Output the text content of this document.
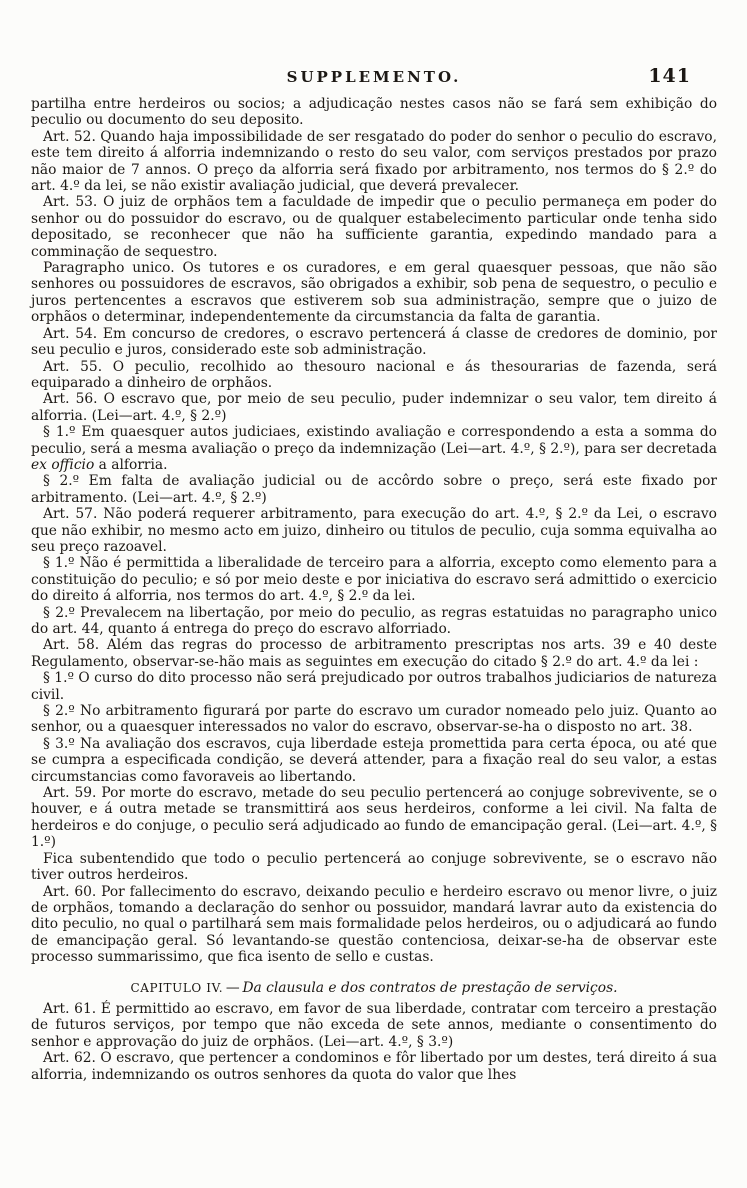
SUPPLEMENTO.	141

partilha entre herdeiros ou socios; a adjudicação nestes casos não se fará sem exhibição do peculio ou documento do seu deposito.

Art. 52. Quando haja impossibilidade de ser resgatado do poder do senhor o peculio do escravo, este tem direito á alforria indemnizando o resto do seu valor, com serviços prestados por prazo não maior de 7 annos. O preço da alforria será fixado por arbitramento, nos termos do § 2.º do art. 4.º da lei, se não existir avaliação judicial, que deverá prevalecer.

Art. 53. O juiz de orphãos tem a faculdade de impedir que o peculio permaneça em poder do senhor ou do possuidor do escravo, ou de qualquer estabelecimento particular onde tenha sido depositado, se reconhecer que não ha sufficiente garantia, expedindo mandado para a comminação de sequestro.

Paragrapho unico. Os tutores e os curadores, e em geral quaesquer pessoas, que não são senhores ou possuidores de escravos, são obrigados a exhibir, sob pena de sequestro, o peculio e juros pertencentes a escravos que estiverem sob sua administração, sempre que o juizo de orphãos o determinar, independentemente da circumstancia da falta de garantia.

Art. 54. Em concurso de credores, o escravo pertencerá á classe de credores de dominio, por seu peculio e juros, considerado este sob administração.

Art. 55. O peculio, recolhido ao thesouro nacional e ás thesourarias de fazenda, será equiparado a dinheiro de orphãos.

Art. 56. O escravo que, por meio de seu peculio, puder indemnizar o seu valor, tem direito á alforria. (Lei—art. 4.º, § 2.º)

§ 1.º Em quaesquer autos judiciaes, existindo avaliação e correspondendo a esta a somma do peculio, será a mesma avaliação o preço da indemnização (Lei—art. 4.º, § 2.º), para ser decretada ex officio a alforria.

§ 2.º Em falta de avaliação judicial ou de accôrdo sobre o preço, será este fixado por arbitramento. (Lei—art. 4.º, § 2.º)

Art. 57. Não poderá requerer arbitramento, para execução do art. 4.º, § 2.º da Lei, o escravo que não exhibir, no mesmo acto em juizo, dinheiro ou titulos de peculio, cuja somma equivalha ao seu preço razoavel.

§ 1.º Não é permittida a liberalidade de terceiro para a alforria, excepto como elemento para a constituição do peculio; e só por meio deste e por iniciativa do escravo será admittido o exercicio do direito á alforria, nos termos do art. 4.º, § 2.º da lei.

§ 2.º Prevalecem na libertação, por meio do peculio, as regras estatuidas no paragrapho unico do art. 44, quanto á entrega do preço do escravo alforriado.

Art. 58. Além das regras do processo de arbitramento prescriptas nos arts. 39 e 40 deste Regulamento, observar-se-hão mais as seguintes em execução do citado § 2.º do art. 4.º da lei :

§ 1.º O curso do dito processo não será prejudicado por outros trabalhos judiciarios de natureza civil.

§ 2.º No arbitramento figurará por parte do escravo um curador nomeado pelo juiz. Quanto ao senhor, ou a quaesquer interessados no valor do escravo, observar-se-ha o disposto no art. 38.

§ 3.º Na avaliação dos escravos, cuja liberdade esteja promettida para certa época, ou até que se cumpra a especificada condição, se deverá attender, para a fixação real do seu valor, a estas circumstancias como favoraveis ao libertando.

Art. 59. Por morte do escravo, metade do seu peculio pertencerá ao conjuge sobrevivente, se o houver, e á outra metade se transmittirá aos seus herdeiros, conforme a lei civil. Na falta de herdeiros e do conjuge, o peculio será adjudicado ao fundo de emancipação geral. (Lei—art. 4.º, § 1.º)

Fica subentendido que todo o peculio pertencerá ao conjuge sobrevivente, se o escravo não tiver outros herdeiros.

Art. 60. Por fallecimento do escravo, deixando peculio e herdeiro escravo ou menor livre, o juiz de orphãos, tomando a declaração do senhor ou possuidor, mandará lavrar auto da existencia do dito peculio, no qual o partilhará sem mais formalidade pelos herdeiros, ou o adjudicará ao fundo de emancipação geral. Só levantando-se questão contenciosa, deixar-se-ha de observar este processo summarissimo, que fica isento de sello e custas.

CAPITULO IV. — Da clausula e dos contratos de prestação de serviços.

Art. 61. É permittido ao escravo, em favor de sua liberdade, contratar com terceiro a prestação de futuros serviços, por tempo que não exceda de sete annos, mediante o consentimento do senhor e approvação do juiz de orphãos. (Lei—art. 4.º, § 3.º)

Art. 62. O escravo, que pertencer a condominos e fôr libertado por um destes, terá direito á sua alforria, indemnizando os outros senhores da quota do valor que lhes
